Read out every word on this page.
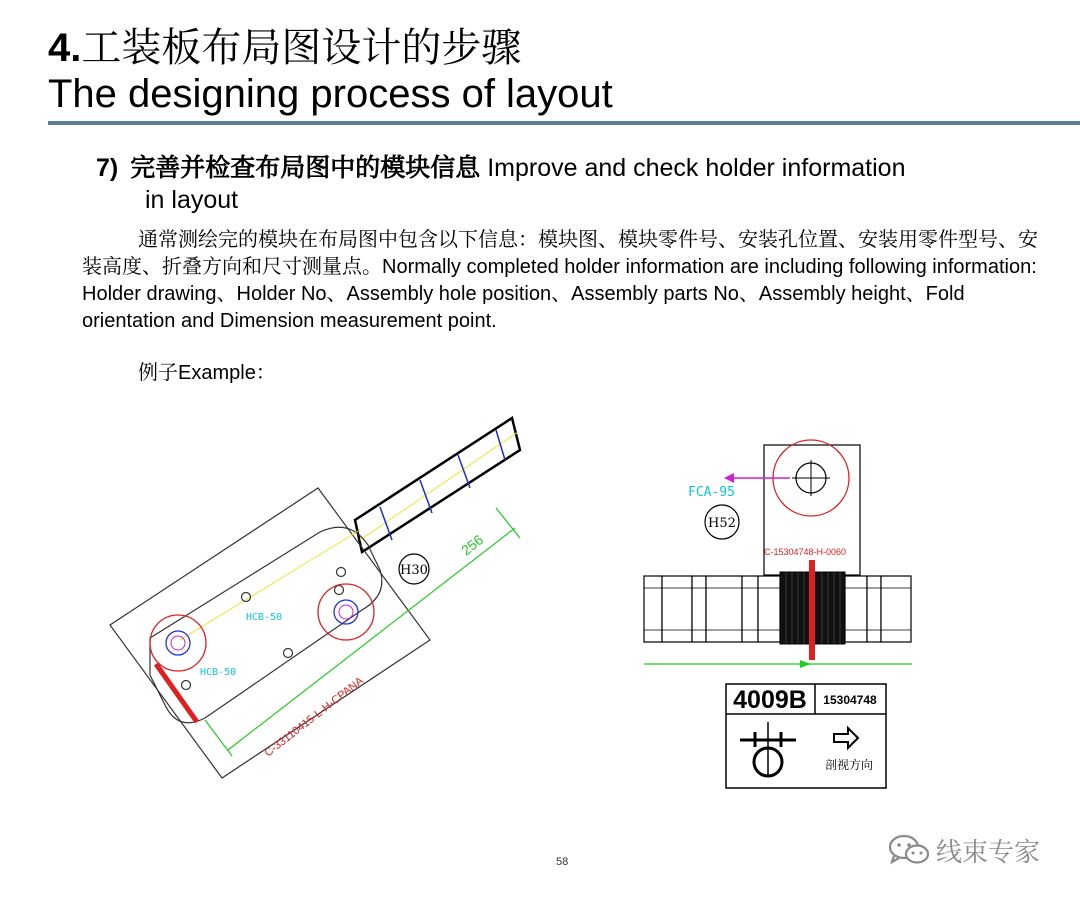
4.工装板布局图设计的步骤
The designing process of layout
7) 完善并检查布局图中的模块信息 Improve and check holder information
in layout
通常测绘完的模块在布局图中包含以下信息：模块图、模块零件号、安装孔位置、安装用零件型号、安装高度、折叠方向和尺寸测量点。Normally completed holder information are including following information: Holder drawing、Holder No、Assembly hole position、Assembly parts No、Assembly height、Fold orientation and Dimension measurement point.
例子Example：
256
H30
HCB-50
HCB-50
C-33110415-L-H-CPANA
FCA-95
H52
C-15304748-H-0060
4009B 15304748
剖视方向
58	线束专家
